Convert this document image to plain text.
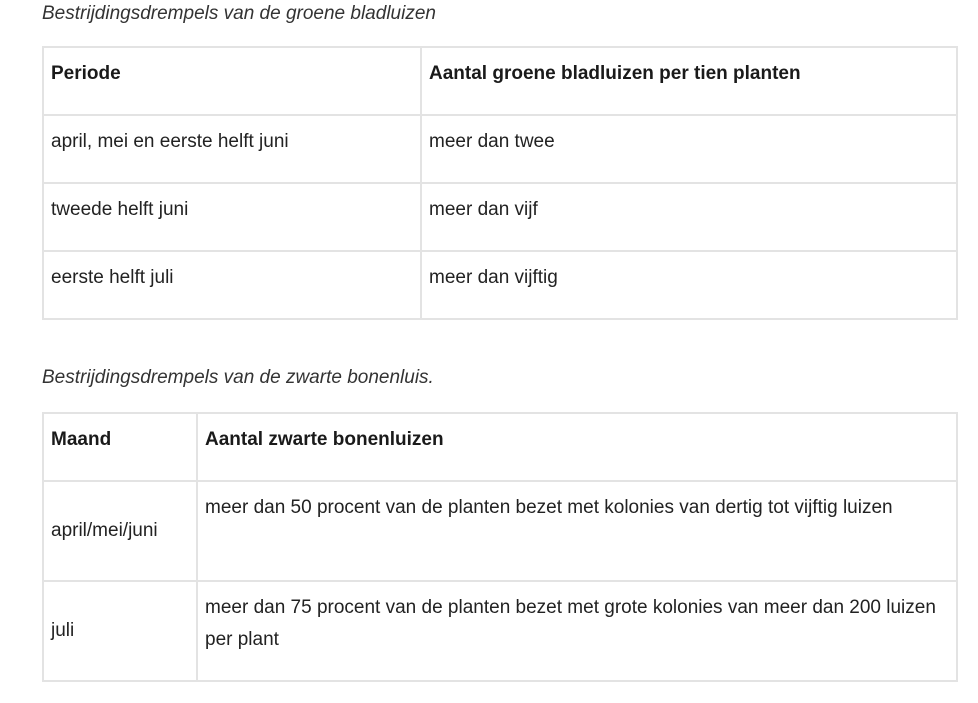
Bestrijdingsdrempels van de groene bladluizen
Periode	Aantal groene bladluizen per tien planten
april, mei en eerste helft juni	meer dan twee
tweede helft juni	meer dan vijf
eerste helft juli	meer dan vijftig
Bestrijdingsdrempels van de zwarte bonenluis.
Maand	Aantal zwarte bonenluizen
april/mei/juni	meer dan 50 procent van de planten bezet met kolonies van dertig tot vijftig luizen
juli	meer dan 75 procent van de planten bezet met grote kolonies van meer dan 200 luizen per plant
